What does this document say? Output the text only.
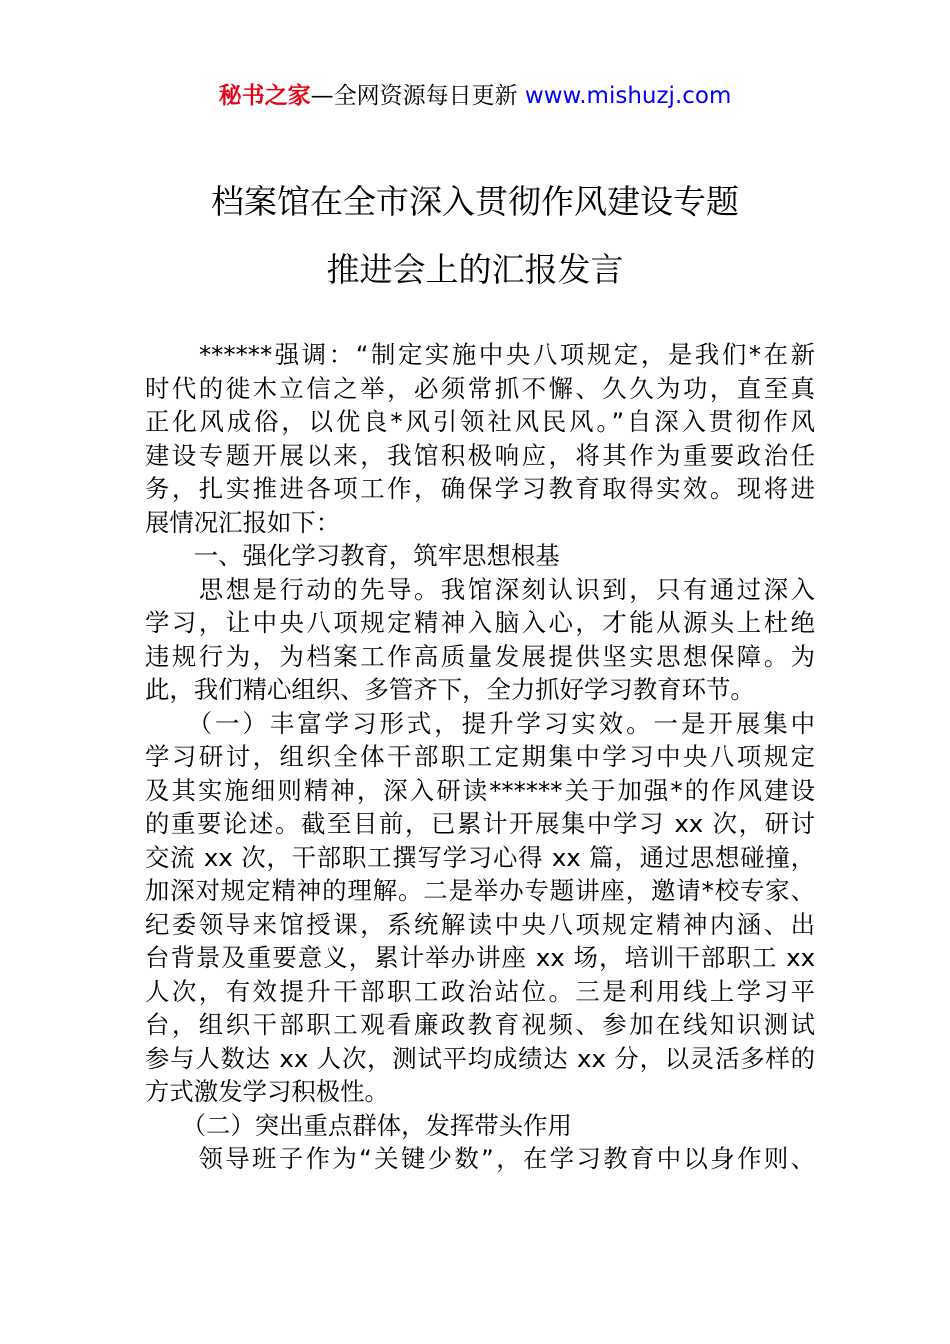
秘书之家—全网资源每日更新 www.mishuzj.com
档案馆在全市深入贯彻作风建设专题
推进会上的汇报发言
　　******强调：“制定实施中央八项规定，是我们*在新
时代的徙木立信之举，必须常抓不懈、久久为功，直至真
正化风成俗，以优良*风引领社风民风。”自深入贯彻作风
建设专题开展以来，我馆积极响应，将其作为重要政治任
务，扎实推进各项工作，确保学习教育取得实效。现将进
展情况汇报如下：
　　一、强化学习教育，筑牢思想根基
　　思想是行动的先导。我馆深刻认识到，只有通过深入
学习，让中央八项规定精神入脑入心，才能从源头上杜绝
违规行为，为档案工作高质量发展提供坚实思想保障。为
此，我们精心组织、多管齐下，全力抓好学习教育环节。
　　（一）丰富学习形式，提升学习实效。一是开展集中
学习研讨，组织全体干部职工定期集中学习中央八项规定
及其实施细则精神，深入研读******关于加强*的作风建设
的重要论述。截至目前，已累计开展集中学习 xx 次，研讨
交流 xx 次，干部职工撰写学习心得 xx 篇，通过思想碰撞，
加深对规定精神的理解。二是举办专题讲座，邀请*校专家、
纪委领导来馆授课，系统解读中央八项规定精神内涵、出
台背景及重要意义，累计举办讲座 xx 场，培训干部职工 xx
人次，有效提升干部职工政治站位。三是利用线上学习平
台，组织干部职工观看廉政教育视频、参加在线知识测试
参与人数达 xx 人次，测试平均成绩达 xx 分，以灵活多样的
方式激发学习积极性。
　　（二）突出重点群体，发挥带头作用
　　领导班子作为“关键少数”，在学习教育中以身作则、
